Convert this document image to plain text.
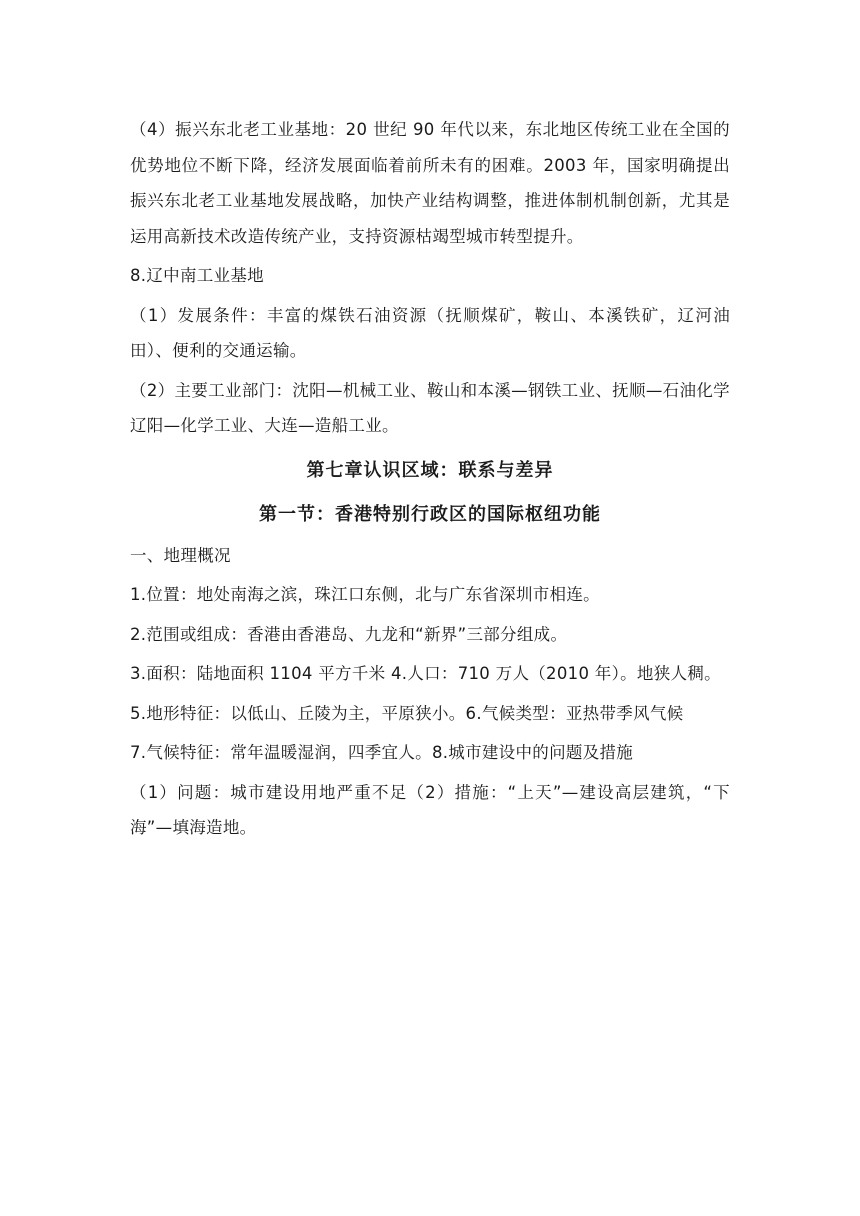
（4）振兴东北老工业基地：20 世纪 90 年代以来，东北地区传统工业在全国的优势地位不断下降，经济发展面临着前所未有的困难。2003 年，国家明确提出振兴东北老工业基地发展战略，加快产业结构调整，推进体制机制创新，尤其是运用高新技术改造传统产业，支持资源枯竭型城市转型提升。

8.辽中南工业基地

（1）发展条件：丰富的煤铁石油资源（抚顺煤矿，鞍山、本溪铁矿，辽河油田）、便利的交通运输。

（2）主要工业部门：沈阳—机械工业、鞍山和本溪—钢铁工业、抚顺—石油化学辽阳—化学工业、大连—造船工业。

第七章认识区域：联系与差异
第一节：香港特别行政区的国际枢纽功能

一、地理概况

1.位置：地处南海之滨，珠江口东侧，北与广东省深圳市相连。

2.范围或组成：香港由香港岛、九龙和“新界”三部分组成。

3.面积：陆地面积 1104 平方千米 4.人口：710 万人（2010 年）。地狭人稠。

5.地形特征：以低山、丘陵为主，平原狭小。6.气候类型：亚热带季风气候

7.气候特征：常年温暖湿润，四季宜人。8.城市建设中的问题及措施

（1）问题：城市建设用地严重不足（2）措施：“上天”—建设高层建筑，“下海”—填海造地。
